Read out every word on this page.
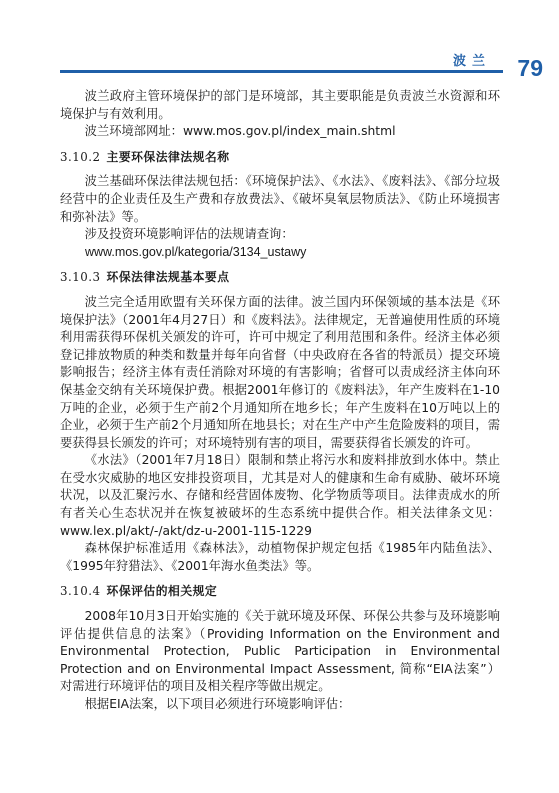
波兰 79

波兰政府主管环境保护的部门是环境部，其主要职能是负责波兰水资源和环境保护与有效利用。

波兰环境部网址：www.mos.gov.pl/index_main.shtml

3.10.2 主要环保法律法规名称

波兰基础环保法律法规包括：《环境保护法》、《水法》、《废料法》、《部分垃圾经营中的企业责任及生产费和存放费法》、《破坏臭氧层物质法》、《防止环境损害和弥补法》等。

涉及投资环境影响评估的法规请查询：

www.mos.gov.pl/kategoria/3134_ustawy

3.10.3 环保法律法规基本要点

波兰完全适用欧盟有关环保方面的法律。波兰国内环保领域的基本法是《环境保护法》（2001年4月27日）和《废料法》。法律规定，无普遍使用性质的环境利用需获得环保机关颁发的许可，许可中规定了利用范围和条件。经济主体必须登记排放物质的种类和数量并每年向省督（中央政府在各省的特派员）提交环境影响报告；经济主体有责任消除对环境的有害影响；省督可以责成经济主体向环保基金交纳有关环境保护费。根据2001年修订的《废料法》，年产生废料在1-10万吨的企业，必须于生产前2个月通知所在地乡长；年产生废料在10万吨以上的企业，必须于生产前2个月通知所在地县长；对在生产中产生危险废料的项目，需要获得县长颁发的许可；对环境特别有害的项目，需要获得省长颁发的许可。

《水法》（2001年7月18日）限制和禁止将污水和废料排放到水体中。禁止在受水灾威胁的地区安排投资项目，尤其是对人的健康和生命有威胁、破坏环境状况，以及汇聚污水、存储和经营固体废物、化学物质等项目。法律责成水的所有者关心生态状况并在恢复被破坏的生态系统中提供合作。相关法律条文见：www.lex.pl/akt/-/akt/dz-u-2001-115-1229

森林保护标准适用《森林法》，动植物保护规定包括《1985年内陆鱼法》、《1995年狩猎法》、《2001年海水鱼类法》等。

3.10.4 环保评估的相关规定

2008年10月3日开始实施的《关于就环境及环保、环保公共参与及环境影响评估提供信息的法案》（Providing Information on the Environment and Environmental Protection, Public Participation in Environmental Protection and on Environmental Impact Assessment, 简称“EIA法案”）对需进行环境评估的项目及相关程序等做出规定。

根据EIA法案，以下项目必须进行环境影响评估：
